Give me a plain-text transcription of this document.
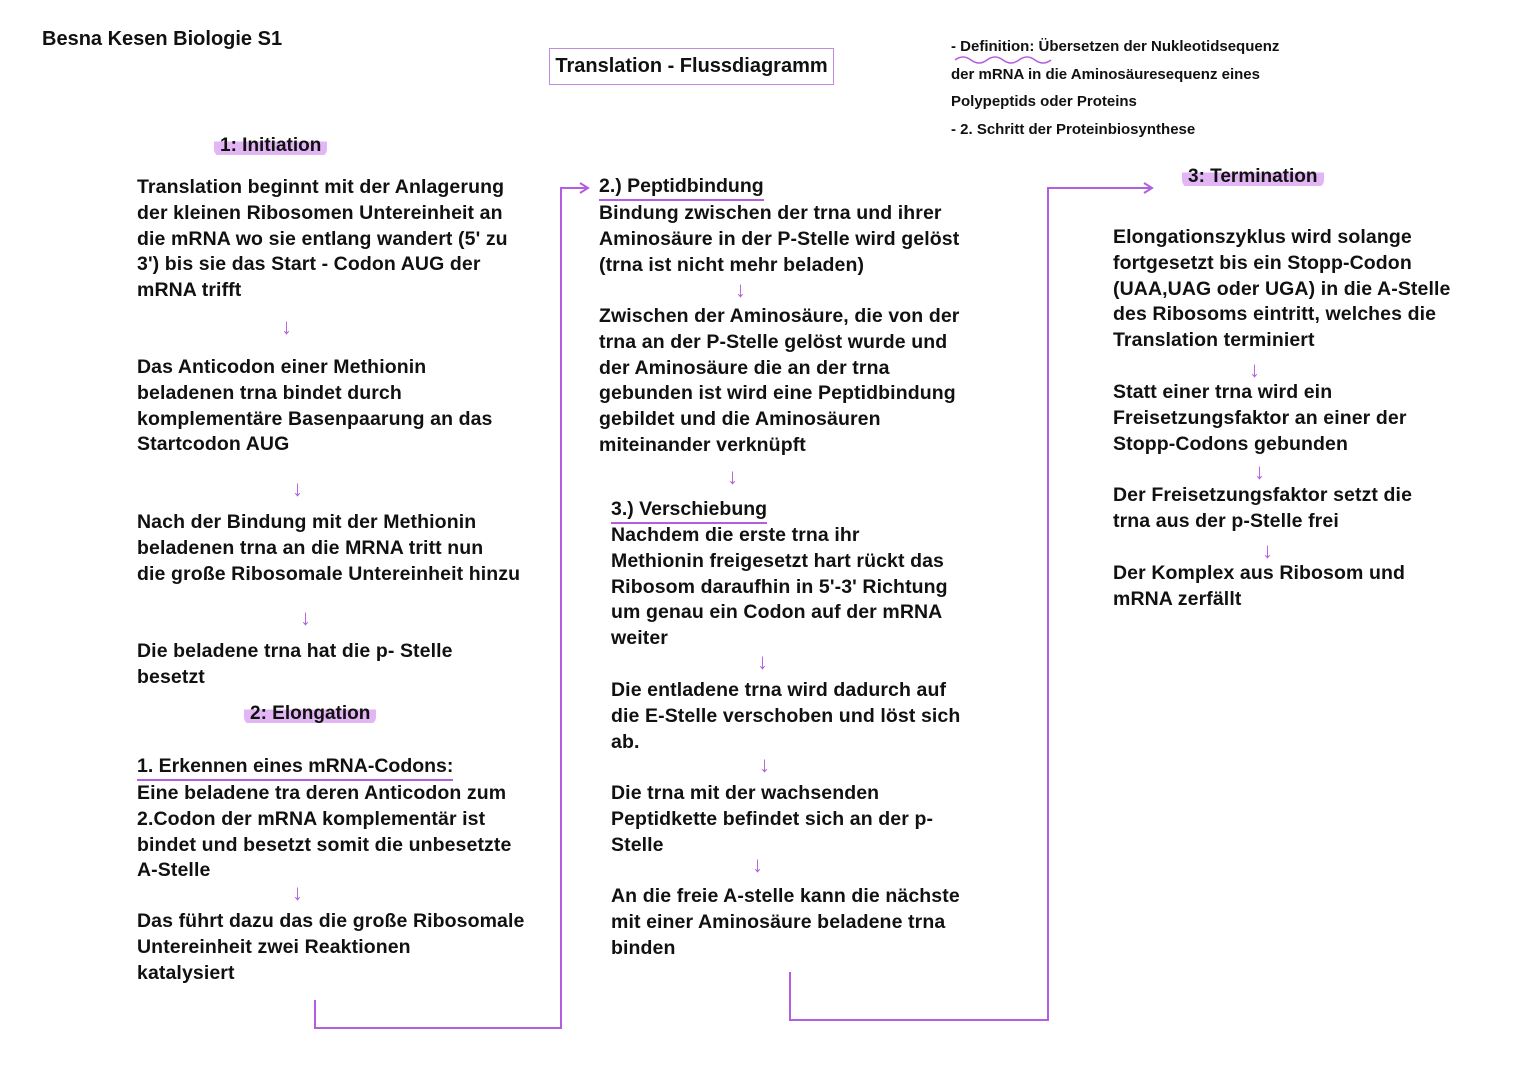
Besna Kesen Biologie S1
Translation - Flussdiagramm
- Definition: Übersetzen der Nukleotidsequenz
der mRNA in die Aminosäuresequenz eines
Polypeptids oder Proteins
- 2. Schritt der Proteinbiosynthese
1: Initiation
Translation beginnt mit der Anlagerung
der kleinen Ribosomen Untereinheit an
die mRNA wo sie entlang wandert (5' zu
3') bis sie das Start - Codon AUG der
mRNA trifft
↓
Das Anticodon einer Methionin
beladenen trna bindet durch
komplementäre Basenpaarung an das
Startcodon AUG
↓
Nach der Bindung mit der Methionin
beladenen trna an die MRNA tritt nun
die große Ribosomale Untereinheit hinzu
↓
Die beladene trna hat die p- Stelle
besetzt
2: Elongation
1. Erkennen eines mRNA-Codons:
Eine beladene tra deren Anticodon zum
2.Codon der mRNA komplementär ist
bindet und besetzt somit die unbesetzte
A-Stelle
↓
Das führt dazu das die große Ribosomale
Untereinheit zwei Reaktionen
katalysiert
2.) Peptidbindung
Bindung zwischen der trna und ihrer
Aminosäure in der P-Stelle wird gelöst
(trna ist nicht mehr beladen)
↓
Zwischen der Aminosäure, die von der
trna an der P-Stelle gelöst wurde und
der Aminosäure die an der trna
gebunden ist wird eine Peptidbindung
gebildet und die Aminosäuren
miteinander verknüpft
↓
3.) Verschiebung
Nachdem die erste trna ihr
Methionin freigesetzt hart rückt das
Ribosom daraufhin in 5'-3' Richtung
um genau ein Codon auf der mRNA
weiter
↓
Die entladene trna wird dadurch auf
die E-Stelle verschoben und löst sich
ab.
↓
Die trna mit der wachsenden
Peptidkette befindet sich an der p-
Stelle
↓
An die freie A-stelle kann die nächste
mit einer Aminosäure beladene trna
binden
3: Termination
Elongationszyklus wird solange
fortgesetzt bis ein Stopp-Codon
(UAA,UAG oder UGA) in die A-Stelle
des Ribosoms eintritt, welches die
Translation terminiert
↓
Statt einer trna wird ein
Freisetzungsfaktor an einer der
Stopp-Codons gebunden
↓
Der Freisetzungsfaktor setzt die
trna aus der p-Stelle frei
↓
Der Komplex aus Ribosom und
mRNA zerfällt
